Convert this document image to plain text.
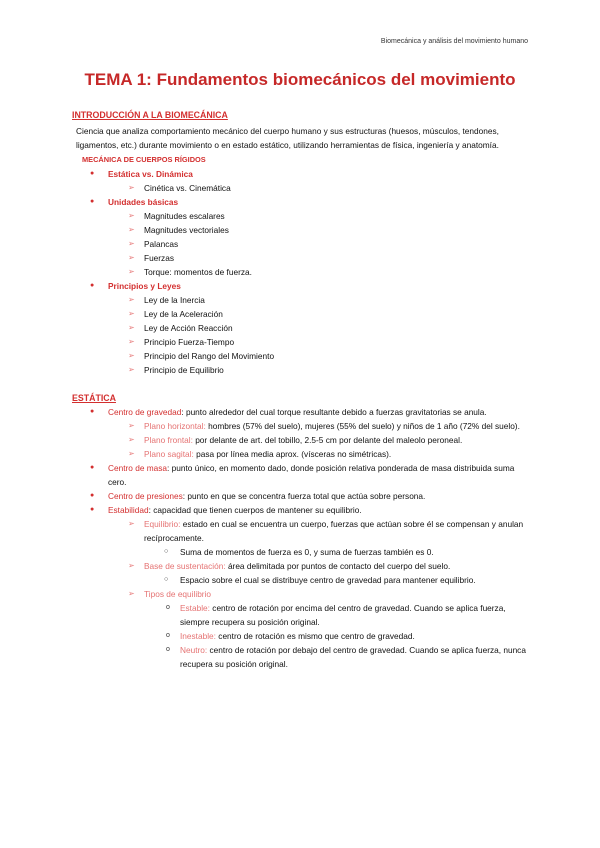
Biomecánica y análisis del movimiento humano
TEMA 1: Fundamentos biomecánicos del movimiento
INTRODUCCIÓN A LA BIOMECÁNICA
Ciencia que analiza comportamiento mecánico del cuerpo humano y sus estructuras (huesos, músculos, tendones, ligamentos, etc.) durante movimiento o en estado estático, utilizando herramientas de física, ingeniería y anatomía.
MECÁNICA DE CUERPOS RÍGIDOS
● Estática vs. Dinámica
➢ Cinética vs. Cinemática
● Unidades básicas
➢ Magnitudes escalares
➢ Magnitudes vectoriales
➢ Palancas
➢ Fuerzas
➢ Torque: momentos de fuerza.
● Principios y Leyes
➢ Ley de la Inercia
➢ Ley de la Aceleración
➢ Ley de Acción Reacción
➢ Principio Fuerza-Tiempo
➢ Principio del Rango del Movimiento
➢ Principio de Equilibrio
ESTÁTICA
● Centro de gravedad: punto alrededor del cual torque resultante debido a fuerzas gravitatorias se anula.
➢ Plano horizontal: hombres (57% del suelo), mujeres (55% del suelo) y niños de 1 año (72% del suelo).
➢ Plano frontal: por delante de art. del tobillo, 2.5-5 cm por delante del maleolo peroneal.
➢ Plano sagital: pasa por línea media aprox. (vísceras no simétricas).
● Centro de masa: punto único, en momento dado, donde posición relativa ponderada de masa distribuida suma cero.
● Centro de presiones: punto en que se concentra fuerza total que actúa sobre persona.
● Estabilidad: capacidad que tienen cuerpos de mantener su equilibrio.
➢ Equilibrio: estado en cual se encuentra un cuerpo, fuerzas que actúan sobre él se compensan y anulan recíprocamente.
○ Suma de momentos de fuerza es 0, y suma de fuerzas también es 0.
➢ Base de sustentación: área delimitada por puntos de contacto del cuerpo del suelo.
○ Espacio sobre el cual se distribuye centro de gravedad para mantener equilibrio.
➢ Tipos de equilibrio
o Estable: centro de rotación por encima del centro de gravedad. Cuando se aplica fuerza, siempre recupera su posición original.
o Inestable: centro de rotación es mismo que centro de gravedad.
o Neutro: centro de rotación por debajo del centro de gravedad. Cuando se aplica fuerza, nunca recupera su posición original.
